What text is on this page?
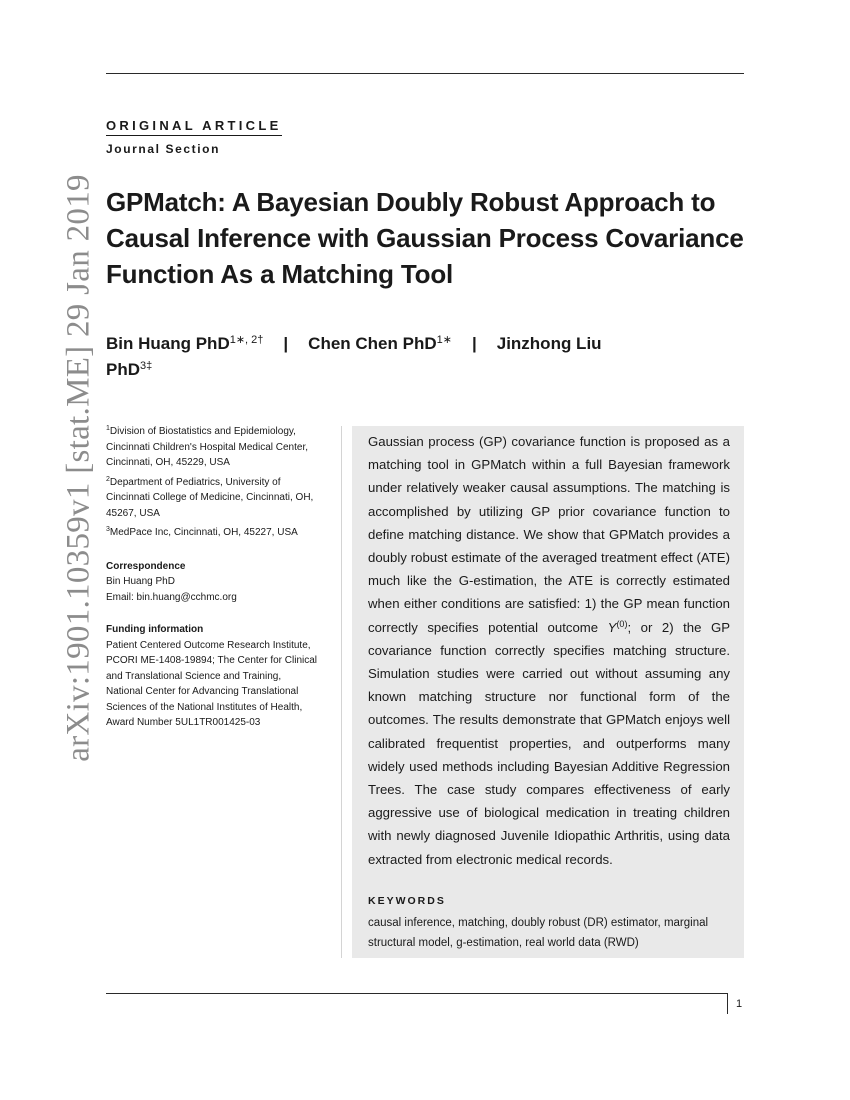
arXiv:1901.10359v1 [stat.ME] 29 Jan 2019
ORIGINAL ARTICLE
Journal Section
GPMatch: A Bayesian Doubly Robust Approach to Causal Inference with Gaussian Process Covariance Function As a Matching Tool
Bin Huang PhD$^{1∗, 2\dagger}$ | Chen Chen PhD$^{1∗}$ | Jinzhong Liu PhD$^{3\ddagger}$
$^1$Division of Biostatistics and Epidemiology, Cincinnati Children's Hospital Medical Center, Cincinnati, OH, 45229, USA
$^2$Department of Pediatrics, University of Cincinnati College of Medicine, Cincinnati, OH, 45267, USA
$^3$MedPace Inc, Cincinnati, OH, 45227, USA
Correspondence
Bin Huang PhD
Email: bin.huang@cchmc.org
Funding information
Patient Centered Outcome Research Institute, PCORI ME-1408-19894; The Center for Clinical and Translational Science and Training, National Center for Advancing Translational Sciences of the National Institutes of Health, Award Number 5UL1TR001425-03

Gaussian process (GP) covariance function is proposed as a matching tool in GPMatch within a full Bayesian framework under relatively weaker causal assumptions. The matching is accomplished by utilizing GP prior covariance function to define matching distance. We show that GPMatch provides a doubly robust estimate of the averaged treatment effect (ATE) much like the G-estimation, the ATE is correctly estimated when either conditions are satisfied: 1) the GP mean function correctly specifies potential outcome $Y^{(0)}$; or 2) the GP covariance function correctly specifies matching structure. Simulation studies were carried out without assuming any known matching structure nor functional form of the outcomes. The results demonstrate that GPMatch enjoys well calibrated frequentist properties, and outperforms many widely used methods including Bayesian Additive Regression Trees. The case study compares effectiveness of early aggressive use of biological medication in treating children with newly diagnosed Juvenile Idiopathic Arthritis, using data extracted from electronic medical records.

KEYWORDS
causal inference, matching, doubly robust (DR) estimator, marginal structural model, g-estimation, real world data (RWD)
1
